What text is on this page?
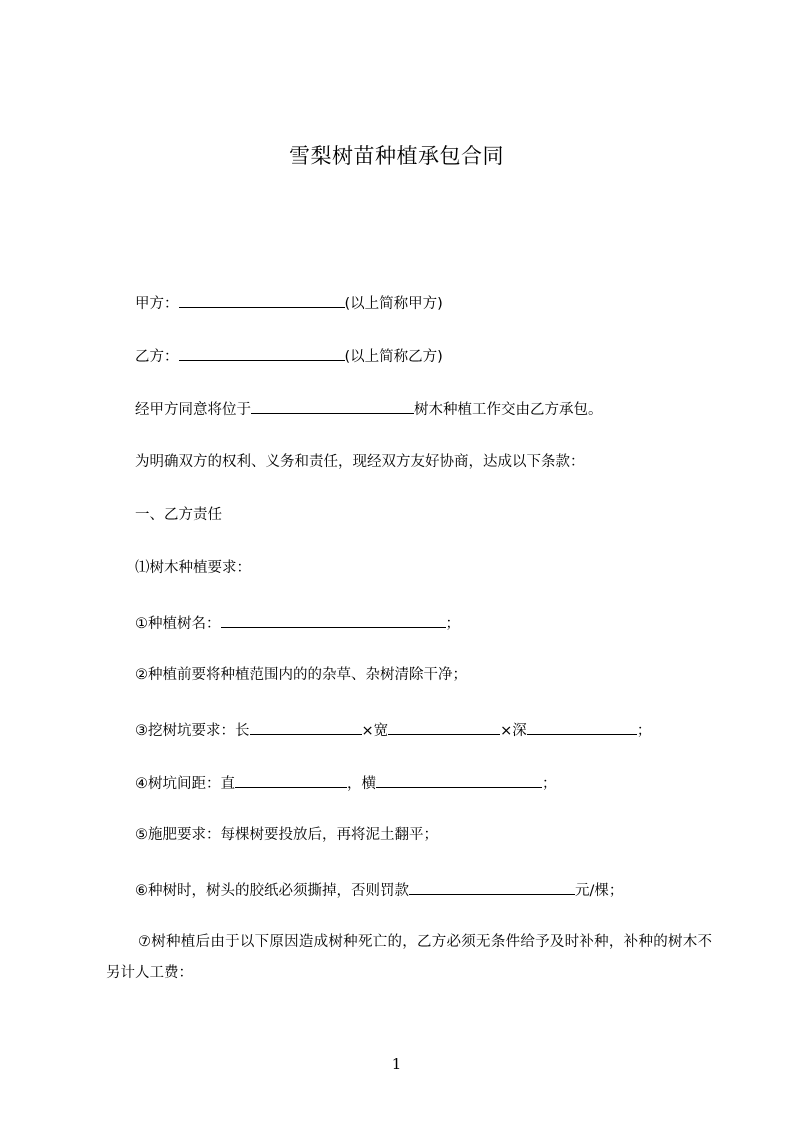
雪梨树苗种植承包合同
甲方：	(以上简称甲方)
乙方：	(以上简称乙方)
经甲方同意将位于	树木种植工作交由乙方承包。
为明确双方的权利、义务和责任，现经双方友好协商，达成以下条款：
一、乙方责任
⑴树木种植要求：
①种植树名：	；
②种植前要将种植范围内的的杂草、杂树清除干净；
③挖树坑要求：长	×宽	×深	；
④树坑间距：直	，横	；
⑤施肥要求：每棵树要投放后，再将泥土翻平；
⑥种树时，树头的胶纸必须撕掉，否则罚款	元/棵；
⑦树种植后由于以下原因造成树种死亡的，乙方必须无条件给予及时补种，补种的树木不另计人工费：
1
